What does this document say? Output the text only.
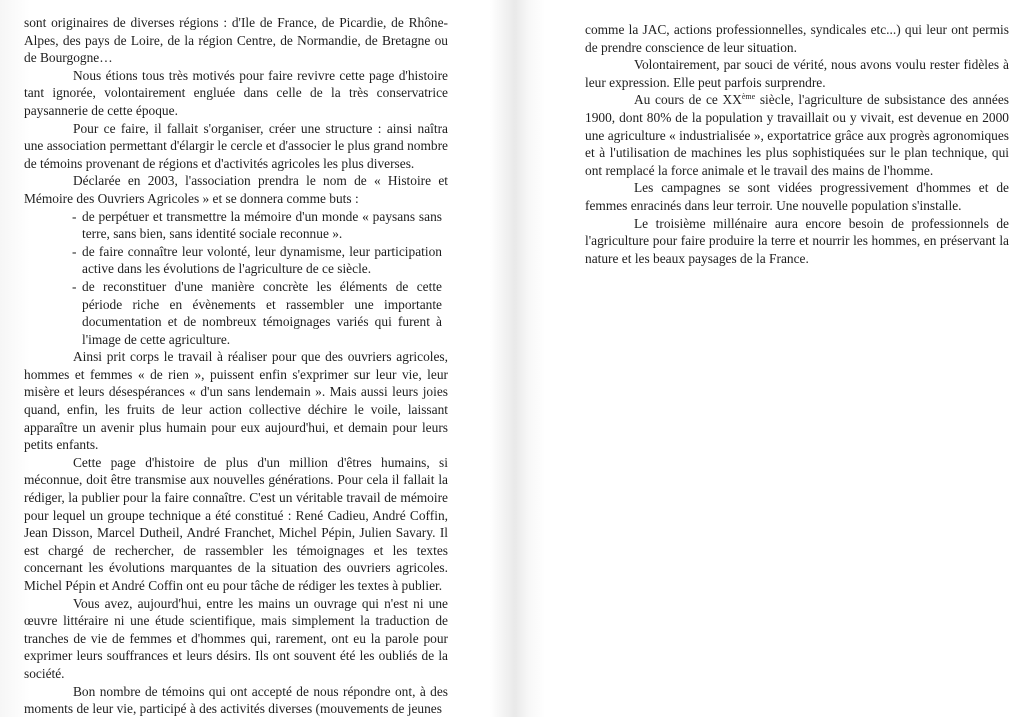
sont originaires de diverses régions : d'Ile de France, de Picardie, de Rhône-Alpes, des pays de Loire, de la région Centre, de Normandie, de Bretagne ou de Bourgogne…

Nous étions tous très motivés pour faire revivre cette page d'histoire tant ignorée, volontairement engluée dans celle de la très conservatrice paysannerie de cette époque.

Pour ce faire, il fallait s'organiser, créer une structure : ainsi naîtra une association permettant d'élargir le cercle et d'associer le plus grand nombre de témoins provenant de régions et d'activités agricoles les plus diverses.

Déclarée en 2003, l'association prendra le nom de « Histoire et Mémoire des Ouvriers Agricoles » et se donnera comme buts :

- de perpétuer et transmettre la mémoire d'un monde « paysans sans terre, sans bien, sans identité sociale reconnue ».
- de faire connaître leur volonté, leur dynamisme, leur participation active dans les évolutions de l'agriculture de ce siècle.
- de reconstituer d'une manière concrète les éléments de cette période riche en évènements et rassembler une importante documentation et de nombreux témoignages variés qui furent à l'image de cette agriculture.

Ainsi prit corps le travail à réaliser pour que des ouvriers agricoles, hommes et femmes « de rien », puissent enfin s'exprimer sur leur vie, leur misère et leurs désespérances « d'un sans lendemain ». Mais aussi leurs joies quand, enfin, les fruits de leur action collective déchire le voile, laissant apparaître un avenir plus humain pour eux aujourd'hui, et demain pour leurs petits enfants.

Cette page d'histoire de plus d'un million d'êtres humains, si méconnue, doit être transmise aux nouvelles générations. Pour cela il fallait la rédiger, la publier pour la faire connaître. C'est un véritable travail de mémoire pour lequel un groupe technique a été constitué : René Cadieu, André Coffin, Jean Disson, Marcel Dutheil, André Franchet, Michel Pépin, Julien Savary. Il est chargé de rechercher, de rassembler les témoignages et les textes concernant les évolutions marquantes de la situation des ouvriers agricoles. Michel Pépin et André Coffin ont eu pour tâche de rédiger les textes à publier.

Vous avez, aujourd'hui, entre les mains un ouvrage qui n'est ni une œuvre littéraire ni une étude scientifique, mais simplement la traduction de tranches de vie de femmes et d'hommes qui, rarement, ont eu la parole pour exprimer leurs souffrances et leurs désirs. Ils ont souvent été les oubliés de la société.

Bon nombre de témoins qui ont accepté de nous répondre ont, à des moments de leur vie, participé à des activités diverses (mouvements de jeunes

comme la JAC, actions professionnelles, syndicales etc...) qui leur ont permis de prendre conscience de leur situation.

Volontairement, par souci de vérité, nous avons voulu rester fidèles à leur expression. Elle peut parfois surprendre.

Au cours de ce XXème siècle, l'agriculture de subsistance des années 1900, dont 80% de la population y travaillait ou y vivait, est devenue en 2000 une agriculture « industrialisée », exportatrice grâce aux progrès agronomiques et à l'utilisation de machines les plus sophistiquées sur le plan technique, qui ont remplacé la force animale et le travail des mains de l'homme.

Les campagnes se sont vidées progressivement d'hommes et de femmes enracinés dans leur terroir. Une nouvelle population s'installe.

Le troisième millénaire aura encore besoin de professionnels de l'agriculture pour faire produire la terre et nourrir les hommes, en préservant la nature et les beaux paysages de la France.
